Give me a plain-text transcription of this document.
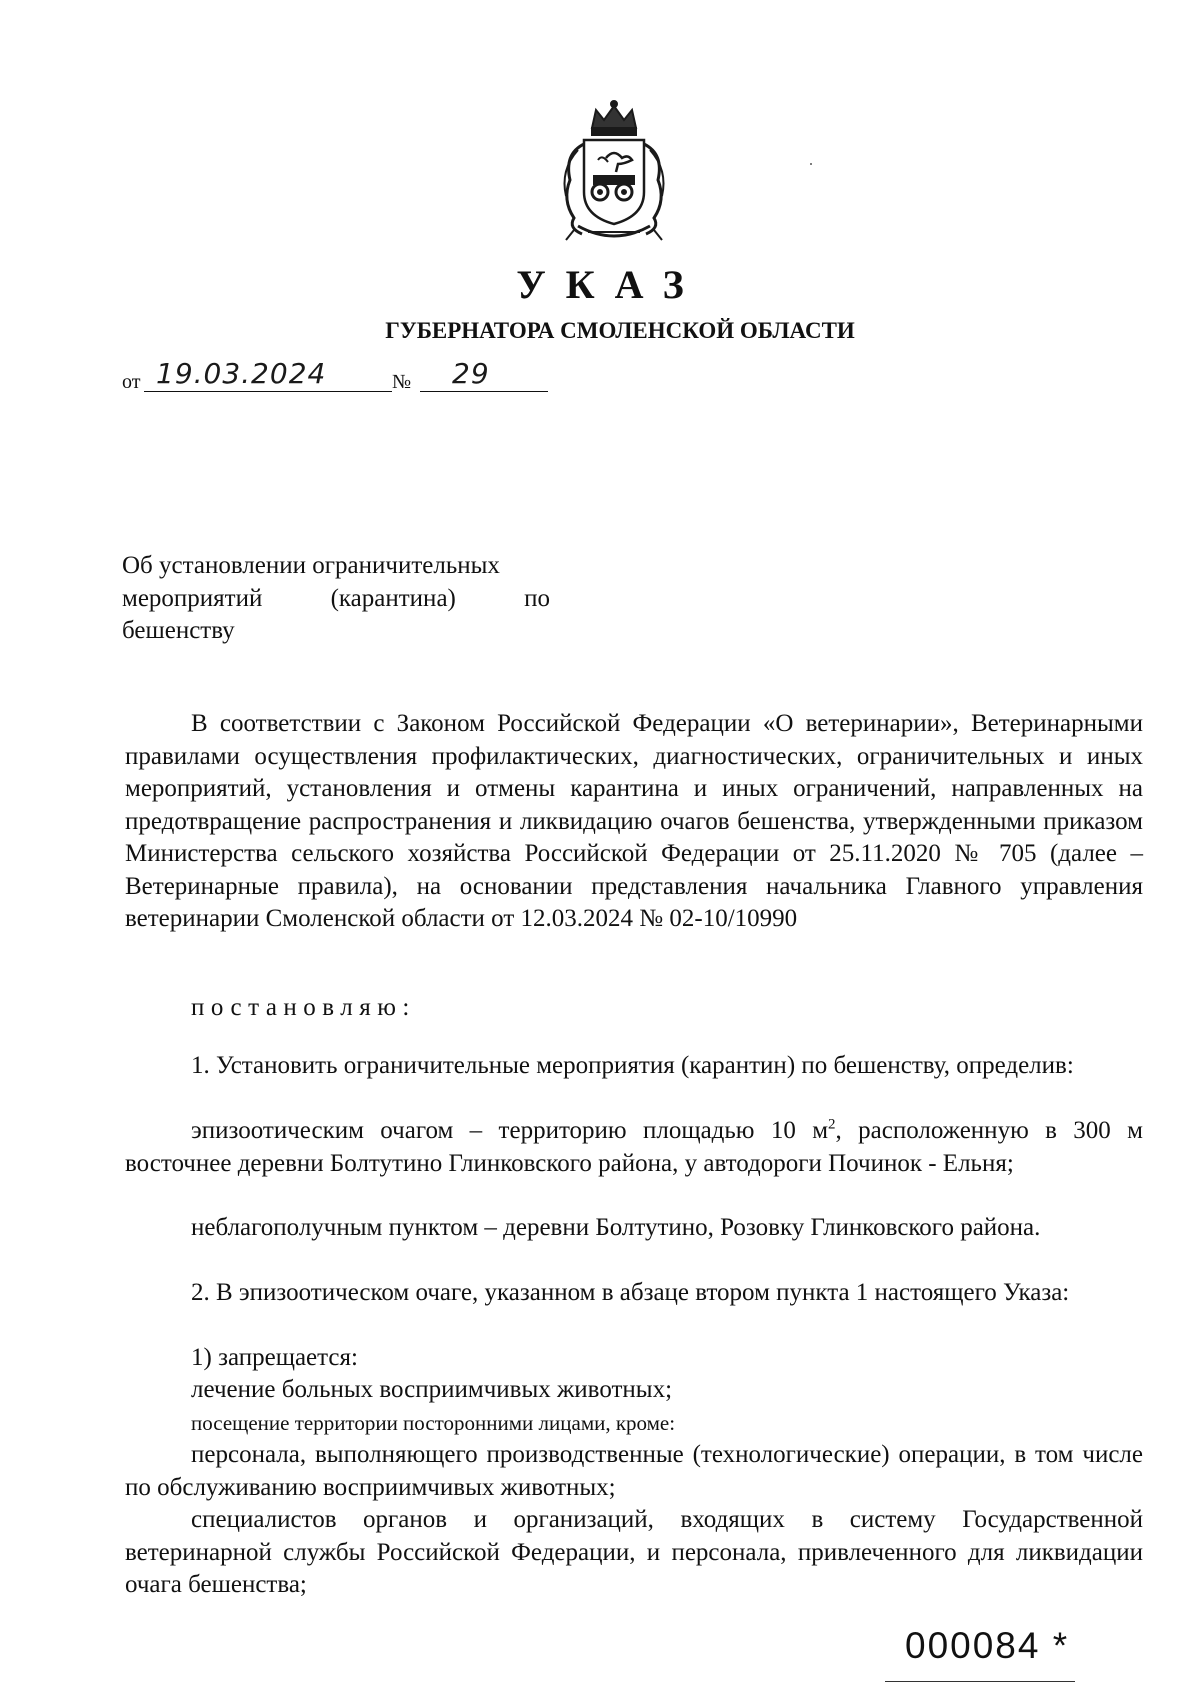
УКАЗ
ГУБЕРНАТОРА СМОЛЕНСКОЙ ОБЛАСТИ
от 19.03.2024	№ 29
Об установлении ограничительных
мероприятий	(карантина)	по
бешенству

В соответствии с Законом Российской Федерации «О ветеринарии», Ветеринарными правилами осуществления профилактических, диагностических, ограничительных и иных мероприятий, установления и отмены карантина и иных ограничений, направленных на предотвращение распространения и ликвидацию очагов бешенства, утвержденными приказом Министерства сельского хозяйства Российской Федерации от 25.11.2020 № 705 (далее – Ветеринарные правила), на основании представления начальника Главного управления ветеринарии Смоленской области от 12.03.2024 № 02-10/10990

постановляю:

1. Установить ограничительные мероприятия (карантин) по бешенству, определив:

эпизоотическим очагом – территорию площадью 10 $м^2$, расположенную в 300 м восточнее деревни Болтутино Глинковского района, у автодороги Починок - Ельня;

неблагополучным пунктом – деревни Болтутино, Розовку Глинковского района.

2. В эпизоотическом очаге, указанном в абзаце втором пункта 1 настоящего Указа:

1) запрещается:

лечение больных восприимчивых животных;

посещение территории посторонними лицами, кроме:

персонала, выполняющего производственные (технологические) операции, в том числе по обслуживанию восприимчивых животных;

специалистов органов и организаций, входящих в систему Государственной ветеринарной службы Российской Федерации, и персонала, привлеченного для ликвидации очага бешенства;

000084 *
